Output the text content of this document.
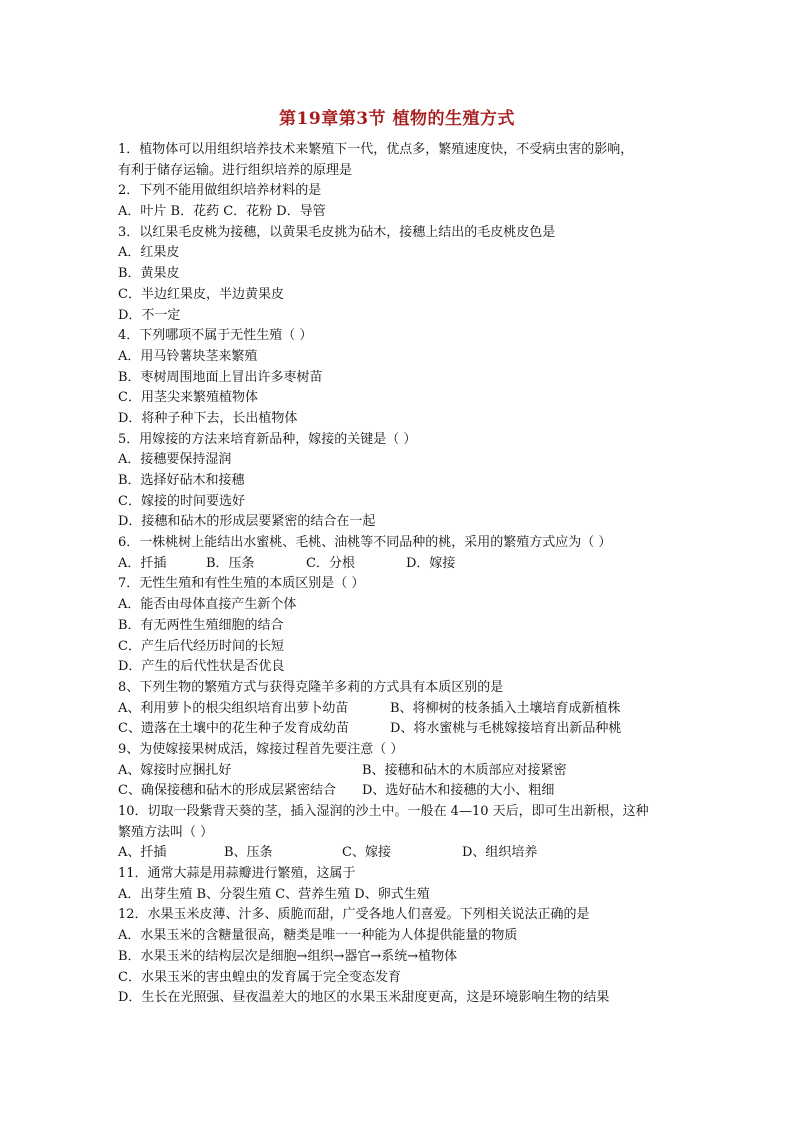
第19章第3节 植物的生殖方式
1．植物体可以用组织培养技术来繁殖下一代，优点多，繁殖速度快，不受病虫害的影响，
有利于储存运输。进行组织培养的原理是
2．下列不能用做组织培养材料的是
A．叶片 B．花药 C．花粉 D．导管
3．以红果毛皮桃为接穗，以黄果毛皮挑为砧木，接穗上结出的毛皮桃皮色是
A．红果皮
B．黄果皮
C．半边红果皮，半边黄果皮
D．不一定
4．下列哪项不属于无性生殖（ ）
A．用马铃薯块茎来繁殖
B．枣树周围地面上冒出许多枣树苗
C．用茎尖来繁殖植物体
D．将种子种下去，长出植物体
5．用嫁接的方法来培育新品种，嫁接的关键是（ ）
A．接穗要保持湿润
B．选择好砧木和接穗
C．嫁接的时间要选好
D．接穗和砧木的形成层要紧密的结合在一起
6．一株桃树上能结出水蜜桃、毛桃、油桃等不同品种的桃，采用的繁殖方式应为（ ）
A．扦插	B．压条	C．分根	D．嫁接
7．无性生殖和有性生殖的本质区别是（ ）
A．能否由母体直接产生新个体
B．有无两性生殖细胞的结合
C．产生后代经历时间的长短
D．产生的后代性状是否优良
8、下列生物的繁殖方式与获得克隆羊多莉的方式具有本质区别的是
A、利用萝卜的根尖组织培育出萝卜幼苗	B、将柳树的枝条插入土壤培育成新植株
C、遗落在土壤中的花生种子发育成幼苗	D、将水蜜桃与毛桃嫁接培育出新品种桃
9、为使嫁接果树成活，嫁接过程首先要注意（ ）
A、嫁接时应捆扎好	B、接穗和砧木的木质部应对接紧密
C、确保接穗和砧木的形成层紧密结合	D、选好砧木和接穗的大小、粗细
10．切取一段紫背天葵的茎，插入湿润的沙土中。一般在 4—10 天后，即可生出新根，这种
繁殖方法叫（ ）
A、扦插	B、压条	C、嫁接	D、组织培养
11．通常大蒜是用蒜瓣进行繁殖，这属于
A．出芽生殖 B、分裂生殖 C、营养生殖 D、卵式生殖
12．水果玉米皮薄、汁多、质脆而甜，广受各地人们喜爱。下列相关说法正确的是
A．水果玉米的含糖量很高，糖类是唯一一种能为人体提供能量的物质
B．水果玉米的结构层次是细胞→组织→器官→系统→植物体
C．水果玉米的害虫蝗虫的发育属于完全变态发育
D．生长在光照强、昼夜温差大的地区的水果玉米甜度更高，这是环境影响生物的结果
